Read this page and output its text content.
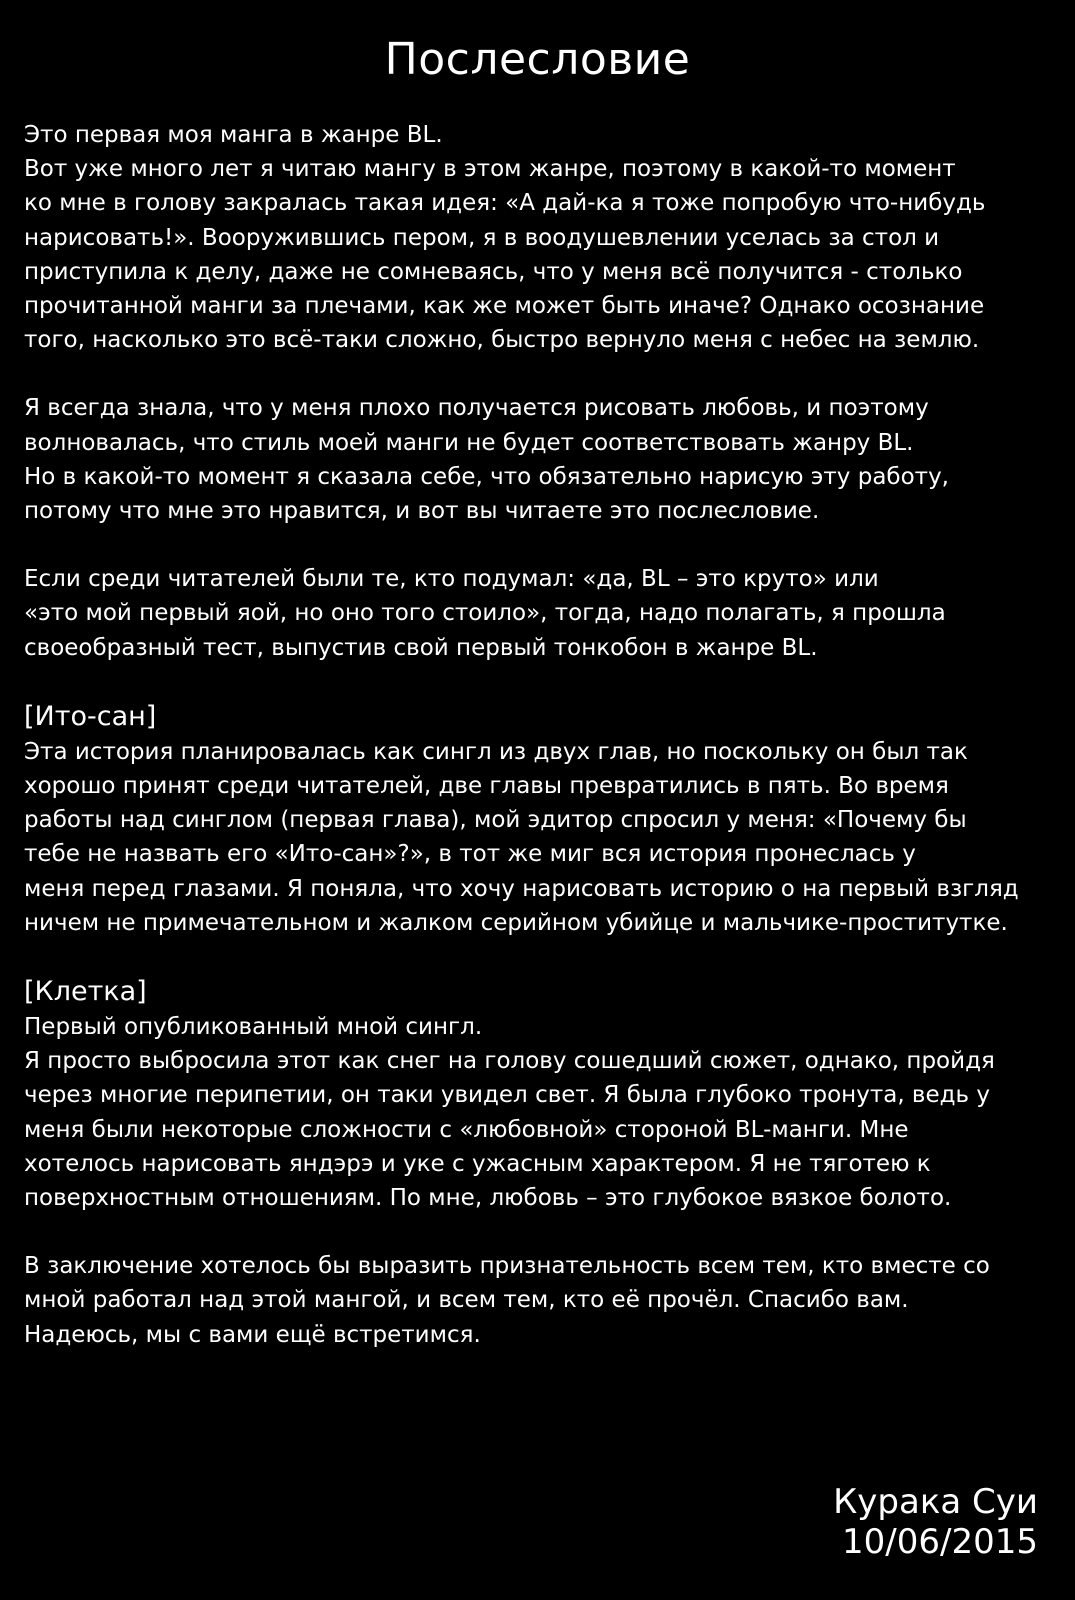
Послесловие

Это первая моя манга в жанре BL.
Вот уже много лет я читаю мангу в этом жанре, поэтому в какой-то момент
ко мне в голову закралась такая идея: «А дай-ка я тоже попробую что-нибудь
нарисовать!». Вооружившись пером, я в воодушевлении уселась за стол и
приступила к делу, даже не сомневаясь, что у меня всё получится - столько
прочитанной манги за плечами, как же может быть иначе? Однако осознание
того, насколько это всё-таки сложно, быстро вернуло меня с небес на землю.

Я всегда знала, что у меня плохо получается рисовать любовь, и поэтому
волновалась, что стиль моей манги не будет соответствовать жанру BL.
Но в какой-то момент я сказала себе, что обязательно нарисую эту работу,
потому что мне это нравится, и вот вы читаете это послесловие.

Если среди читателей были те, кто подумал: «да, BL – это круто» или
«это мой первый яой, но оно того стоило», тогда, надо полагать, я прошла
своеобразный тест, выпустив свой первый тонкобон в жанре BL.

[Ито-сан]

Эта история планировалась как сингл из двух глав, но поскольку он был так
хорошо принят среди читателей, две главы превратились в пять. Во время
работы над синглом (первая глава), мой эдитор спросил у меня: «Почему бы
тебе не назвать его «Ито-сан»?», в тот же миг вся история пронеслась у
меня перед глазами. Я поняла, что хочу нарисовать историю о на первый взгляд
ничем не примечательном и жалком серийном убийце и мальчике-проститутке.

[Клетка]

Первый опубликованный мной сингл.
Я просто выбросила этот как снег на голову сошедший сюжет, однако, пройдя
через многие перипетии, он таки увидел свет. Я была глубоко тронута, ведь у
меня были некоторые сложности с «любовной» стороной BL-манги. Мне
хотелось нарисовать яндэрэ и уке с ужасным характером. Я не тяготею к
поверхностным отношениям. По мне, любовь – это глубокое вязкое болото.

В заключение хотелось бы выразить признательность всем тем, кто вместе со
мной работал над этой мангой, и всем тем, кто её прочёл. Спасибо вам.
Надеюсь, мы с вами ещё встретимся.

Курака Суи
10/06/2015
